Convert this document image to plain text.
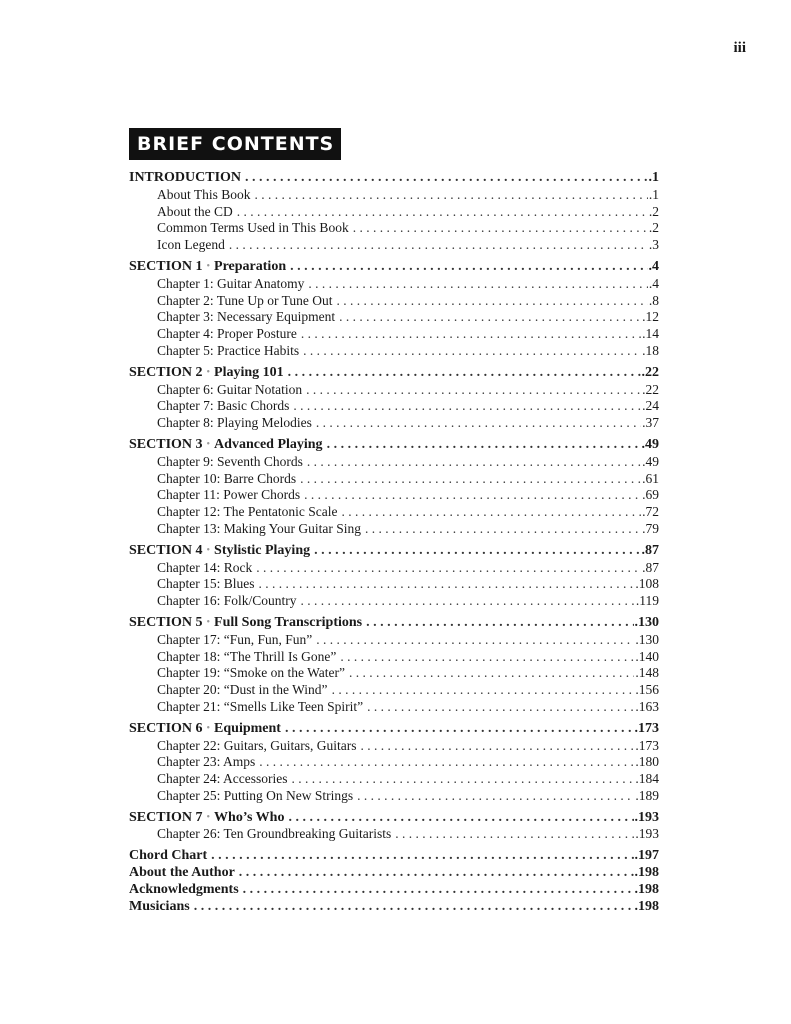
iii
BRIEF CONTENTS
INTRODUCTION . . .	.1
About This Book . . .	.1
About the CD . . .	.2
Common Terms Used in This Book . . .	.2
Icon Legend . . .	.3
SECTION 1 • Preparation . . .	.4
Chapter 1: Guitar Anatomy . . .	.4
Chapter 2: Tune Up or Tune Out . . .	.8
Chapter 3: Necessary Equipment . . .	.12
Chapter 4: Proper Posture . . .	.14
Chapter 5: Practice Habits . . .	.18
SECTION 2 • Playing 101 . . .	.22
Chapter 6: Guitar Notation . . .	.22
Chapter 7: Basic Chords . . .	.24
Chapter 8: Playing Melodies . . .	.37
SECTION 3 • Advanced Playing . . .	.49
Chapter 9: Seventh Chords . . .	.49
Chapter 10: Barre Chords . . .	.61
Chapter 11: Power Chords . . .	.69
Chapter 12: The Pentatonic Scale . . .	.72
Chapter 13: Making Your Guitar Sing . . .	.79
SECTION 4 • Stylistic Playing . . .	.87
Chapter 14: Rock . . .	.87
Chapter 15: Blues . . .	.108
Chapter 16: Folk/Country . . .	.119
SECTION 5 • Full Song Transcriptions . . .	.130
Chapter 17: “Fun, Fun, Fun” . . .	.130
Chapter 18: “The Thrill Is Gone” . . .	.140
Chapter 19: “Smoke on the Water” . . .	.148
Chapter 20: “Dust in the Wind” . . .	.156
Chapter 21: “Smells Like Teen Spirit” . . .	.163
SECTION 6 • Equipment . . .	.173
Chapter 22: Guitars, Guitars, Guitars . . .	.173
Chapter 23: Amps . . .	.180
Chapter 24: Accessories . . .	.184
Chapter 25: Putting On New Strings . . .	.189
SECTION 7 • Who’s Who . . .	.193
Chapter 26: Ten Groundbreaking Guitarists . . .	.193
Chord Chart . . .	.197
About the Author . . .	.198
Acknowledgments . . .	.198
Musicians . . .	.198
